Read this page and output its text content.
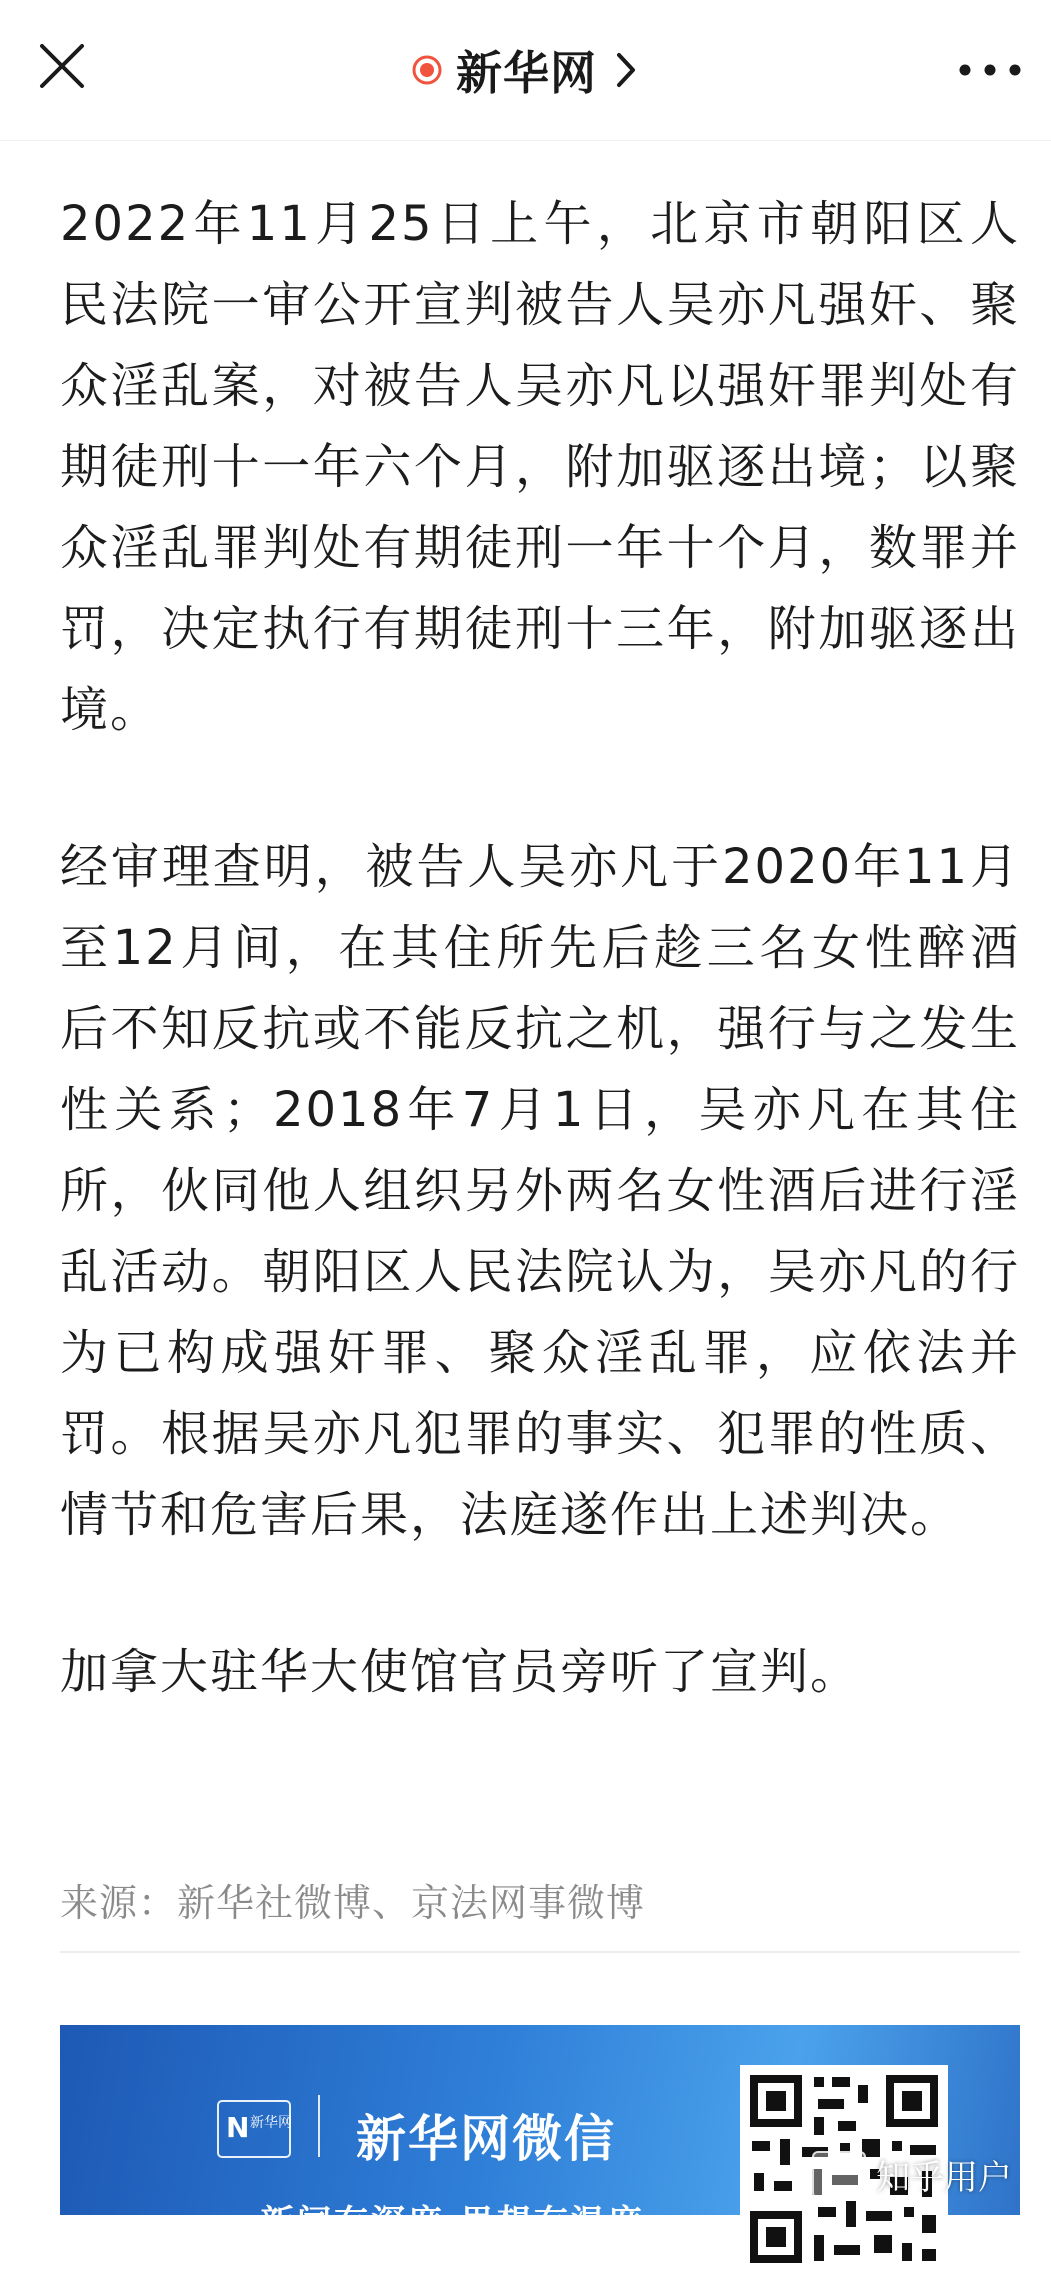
新华网

2022年11月25日上午，北京市朝阳区人民法院一审公开宣判被告人吴亦凡强奸、聚众淫乱案，对被告人吴亦凡以强奸罪判处有期徒刑十一年六个月，附加驱逐出境；以聚众淫乱罪判处有期徒刑一年十个月，数罪并罚，决定执行有期徒刑十三年，附加驱逐出境。

经审理查明，被告人吴亦凡于2020年11月至12月间，在其住所先后趁三名女性醉酒后不知反抗或不能反抗之机，强行与之发生性关系；2018年7月1日，吴亦凡在其住所，伙同他人组织另外两名女性酒后进行淫乱活动。朝阳区人民法院认为，吴亦凡的行为已构成强奸罪、聚众淫乱罪，应依法并罚。根据吴亦凡犯罪的事实、犯罪的性质、情节和危害后果，法庭遂作出上述判决。

加拿大驻华大使馆官员旁听了宣判。

来源：新华社微博、京法网事微博
N 新华网 新华网微信
新闻有深度 思想有温度
知乎用户
